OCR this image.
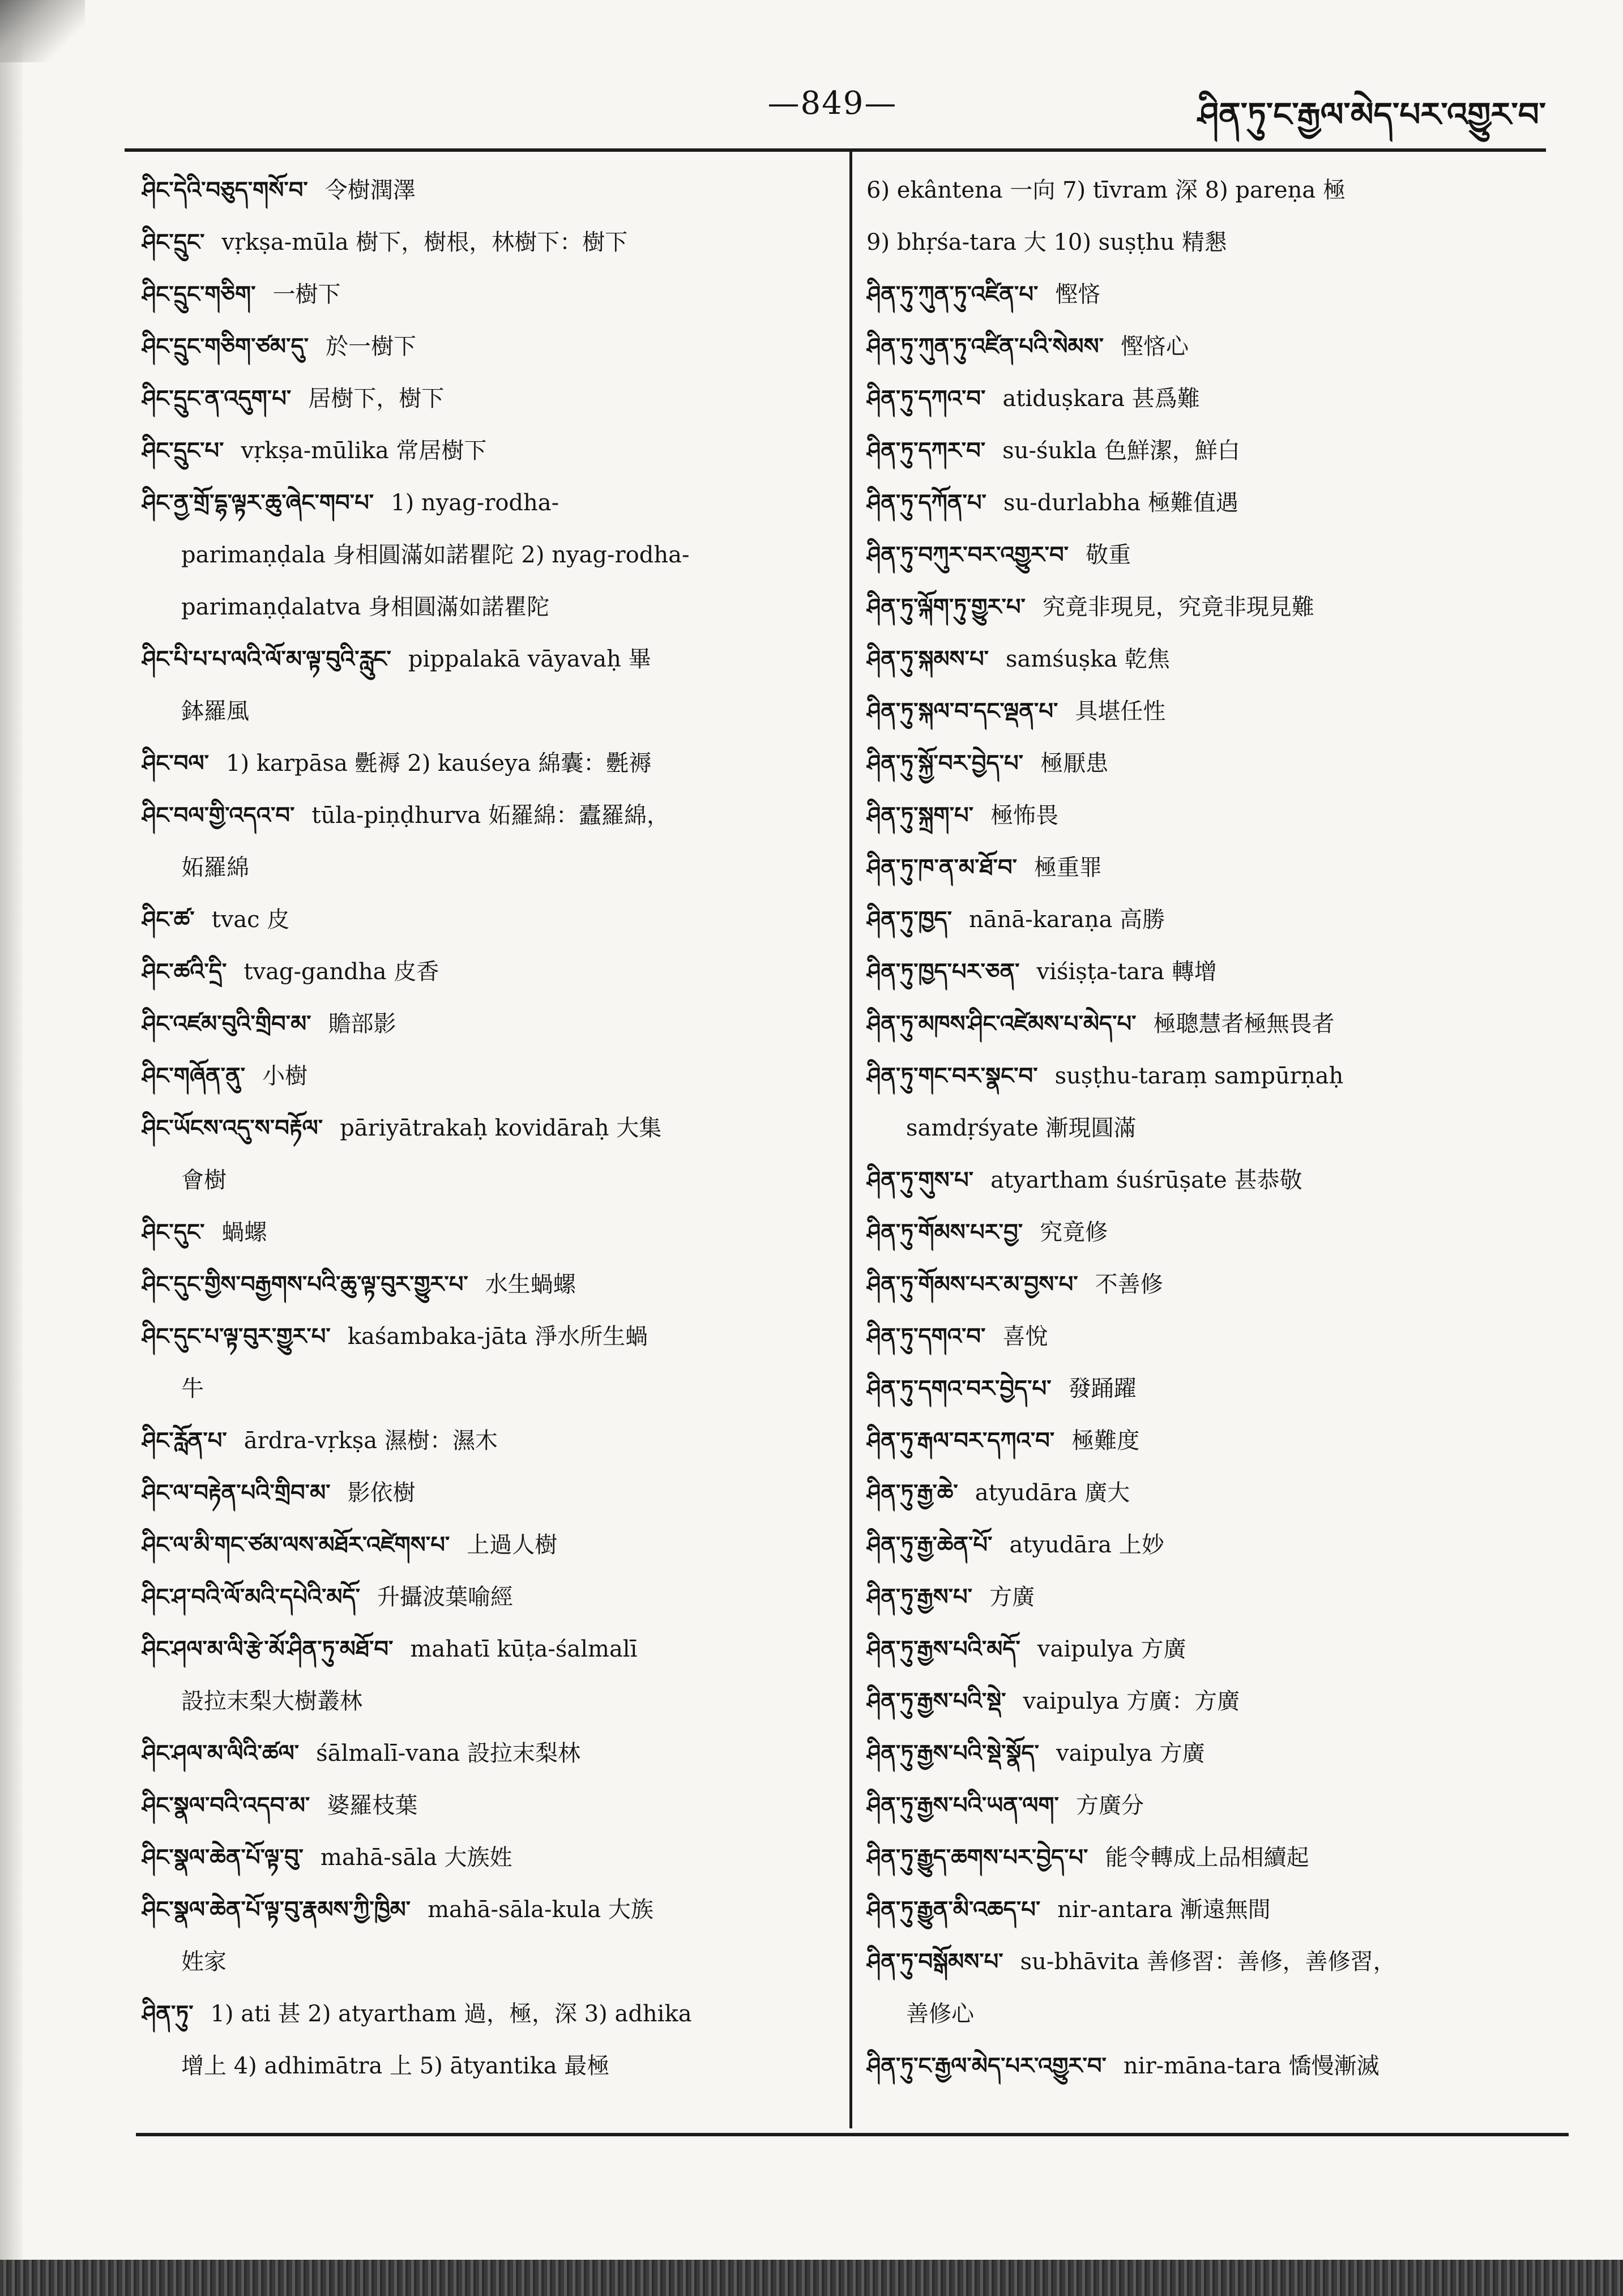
—849—	ཤིན་ཏུ་ང་རྒྱལ་མེད་པར་འགྱུར་བ་
ཤིང་དེའི་བཅུད་གསོ་བ་ 令樹潤澤
ཤིང་དྲུང་ vṛkṣa-mūla 樹下，樹根，林樹下：樹下
ཤིང་དྲུང་གཅིག་ 一樹下
ཤིང་དྲུང་གཅིག་ཙམ་དུ་ 於一樹下
ཤིང་དྲུང་ན་འདུག་པ་ 居樹下，樹下
ཤིང་དྲུང་པ་ vṛkṣa-mūlika 常居樹下
ཤིང་ནྱ་གྲོ་དྷ་ལྟར་ཆུ་ཞེང་གབ་པ་ 1) nyag-rodha-
parimaṇḍala 身相圓滿如諾瞿陀 2) nyag-rodha-
parimaṇḍalatva 身相圓滿如諾瞿陀
ཤིང་པི་པ་པ་ལའི་ལོ་མ་ལྟ་བུའི་རླུང་ pippalakā vāyavaḥ 畢
鉢羅風
ཤིང་བལ་ 1) karpāsa 氎褥 2) kauśeya 綿囊：氎褥
ཤིང་བལ་གྱི་འདའ་བ་ tūla-piṇḍhurva 妬羅綿：蠹羅綿，
妬羅綿
ཤིང་ཚ་ tvac 皮
ཤིང་ཚའི་དྲི་ tvag-gandha 皮香
ཤིང་འཛམ་བུའི་གྲིབ་མ་ 贍部影
ཤིང་གཞོན་ནུ་ 小樹
ཤིང་ཡོངས་འདུ་ས་བརྟོལ་ pāriyātrakaḥ kovidāraḥ 大集
會樹
ཤིང་དུང་ 蝸螺
ཤིང་དུང་གྱིས་བརྒྱགས་པའི་ཆུ་ལྟ་བུར་གྱུར་པ་ 水生蝸螺
ཤིང་དུང་པ་ལྟ་བུར་གྱུར་པ་ kaśambaka-jāta 淨水所生蝸
牛
ཤིང་རློན་པ་ ārdra-vṛkṣa 濕樹：濕木
ཤིང་ལ་བརྟེན་པའི་གྲིབ་མ་ 影依樹
ཤིང་ལ་མི་གང་ཙམ་ལས་མཐོར་འཛེགས་པ་ 上過人樹
ཤིང་ཤ་བའི་ལོ་མའི་དཔེའི་མདོ་ 升攝波葉喻經
ཤིང་ཤལ་མ་ལི་རྩེ་མོ་ཤིན་ཏུ་མཐོ་བ་ mahatī kūṭa-śalmalī
設拉末梨大樹叢林
ཤིང་ཤལ་མ་ལིའི་ཚལ་ śālmalī-vana 設拉末梨林
ཤིང་སྣལ་བའི་འདབ་མ་ 婆羅枝葉
ཤིང་སྣལ་ཆེན་པོ་ལྟ་བུ་ mahā-sāla 大族姓
ཤིང་སྣལ་ཆེན་པོ་ལྟ་བུ་རྣམས་ཀྱི་ཁྱིམ་ mahā-sāla-kula 大族
姓家
ཤིན་ཏུ་ 1) ati 甚 2) atyartham 過，極，深 3) adhika
增上 4) adhimātra 上 5) ātyantika 最極
6) ekântena 一向 7) tīvram 深 8) pareṇa 極
9) bhṛśa-tara 大 10) suṣṭhu 精懇
ཤིན་ཏུ་ཀུན་ཏུ་འཛིན་པ་ 慳悋
ཤིན་ཏུ་ཀུན་ཏུ་འཛིན་པའི་སེམས་ 慳悋心
ཤིན་ཏུ་དཀའ་བ་ atiduṣkara 甚爲難
ཤིན་ཏུ་དཀར་བ་ su-śukla 色鮮潔，鮮白
ཤིན་ཏུ་དཀོན་པ་ su-durlabha 極難值遇
ཤིན་ཏུ་བཀུར་བར་འགྱུར་བ་ 敬重
ཤིན་ཏུ་ལྐོག་ཏུ་གྱུར་པ་ 究竟非現見，究竟非現見難
ཤིན་ཏུ་སྐམས་པ་ samśuṣka 乾焦
ཤིན་ཏུ་སྐལ་བ་དང་ལྡན་པ་ 具堪任性
ཤིན་ཏུ་སྐྱོ་བར་བྱེད་པ་ 極厭患
ཤིན་ཏུ་སྐྲག་པ་ 極怖畏
ཤིན་ཏུ་ཁ་ན་མ་ཐོ་བ་ 極重罪
ཤིན་ཏུ་ཁྱད་ nānā-karaṇa 高勝
ཤིན་ཏུ་ཁྱད་པར་ཅན་ viśiṣṭa-tara 轉增
ཤིན་ཏུ་མཁས་ཤིང་འཛེམས་པ་མེད་པ་ 極聰慧者極無畏者
ཤིན་ཏུ་གང་བར་སྣང་བ་ suṣṭhu-taraṃ sampūrṇaḥ
samdṛśyate 漸現圓滿
ཤིན་ཏུ་གུས་པ་ atyartham śuśrūṣate 甚恭敬
ཤིན་ཏུ་གོམས་པར་བྱ་ 究竟修
ཤིན་ཏུ་གོམས་པར་མ་བྱས་པ་ 不善修
ཤིན་ཏུ་དགའ་བ་ 喜悅
ཤིན་ཏུ་དགའ་བར་བྱེད་པ་ 發踊躍
ཤིན་ཏུ་རྒལ་བར་དཀའ་བ་ 極難度
ཤིན་ཏུ་རྒྱ་ཆེ་ atyudāra 廣大
ཤིན་ཏུ་རྒྱ་ཆེན་པོ་ atyudāra 上妙
ཤིན་ཏུ་རྒྱས་པ་ 方廣
ཤིན་ཏུ་རྒྱས་པའི་མདོ་ vaipulya 方廣
ཤིན་ཏུ་རྒྱས་པའི་སྡེ་ vaipulya 方廣：方廣
ཤིན་ཏུ་རྒྱས་པའི་སྡེ་སྣོད་ vaipulya 方廣
ཤིན་ཏུ་རྒྱས་པའི་ཡན་ལག་ 方廣分
ཤིན་ཏུ་རྒྱུད་ཆགས་པར་བྱེད་པ་ 能令轉成上品相續起
ཤིན་ཏུ་རྒྱུན་མི་འཆད་པ་ nir-antara 漸遠無間
ཤིན་ཏུ་བསྒོམས་པ་ su-bhāvita 善修習：善修，善修習，
善修心
ཤིན་ཏུ་ང་རྒྱལ་མེད་པར་འགྱུར་བ་ nir-māna-tara 憍慢漸滅
